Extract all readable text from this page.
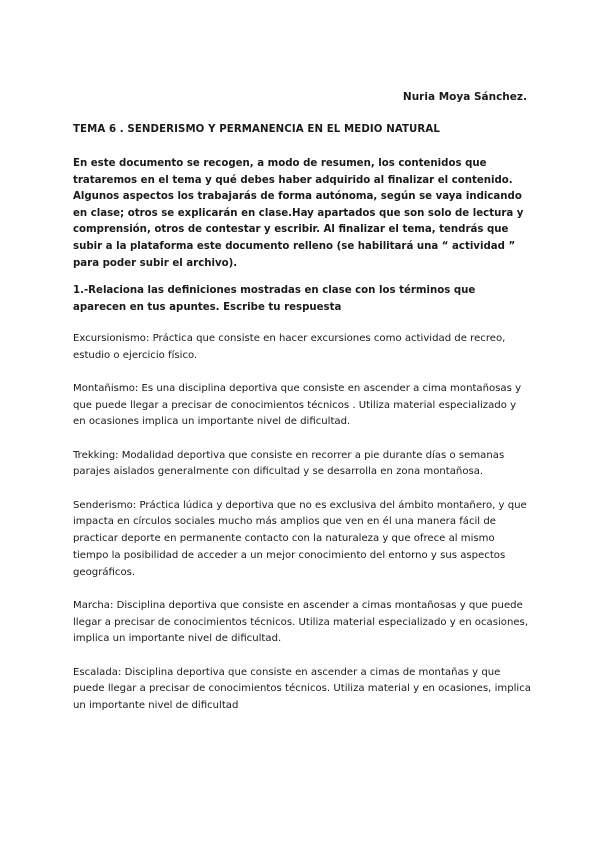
Nuria Moya Sánchez.
TEMA 6 . SENDERISMO Y PERMANENCIA EN EL MEDIO NATURAL
En este documento se recogen, a modo de resumen, los contenidos que trataremos en el tema y qué debes haber adquirido al finalizar el contenido. Algunos aspectos los trabajarás de forma autónoma, según se vaya indicando en clase; otros se explicarán en clase.Hay apartados que son solo de lectura y comprensión, otros de contestar y escribir. Al finalizar el tema, tendrás que subir a la plataforma este documento relleno (se habilitará una “ actividad ” para poder subir el archivo).
1.-Relaciona las definiciones mostradas en clase con los términos que aparecen en tus apuntes. Escribe tu respuesta

Excursionismo: Práctica que consiste en hacer excursiones como actividad de recreo, estudio o ejercicio físico.

Montañismo: Es una disciplina deportiva que consiste en ascender a cima montañosas y que puede llegar a precisar de conocimientos técnicos . Utiliza material especializado y en ocasiones implica un importante nivel de dificultad.

Trekking: Modalidad deportiva que consiste en recorrer a pie durante días o semanas parajes aislados generalmente con dificultad y se desarrolla en zona montañosa.

Senderismo: Práctica lúdica y deportiva que no es exclusiva del ámbito montañero, y que impacta en círculos sociales mucho más amplios que ven en él una manera fácil de practicar deporte en permanente contacto con la naturaleza y que ofrece al mismo tiempo la posibilidad de acceder a un mejor conocimiento del entorno y sus aspectos geográficos.

Marcha: Disciplina deportiva que consiste en ascender a cimas montañosas y que puede llegar a precisar de conocimientos técnicos. Utiliza material especializado y en ocasiones, implica un importante nivel de dificultad.

Escalada: Disciplina deportiva que consiste en ascender a cimas de montañas y que puede llegar a precisar de conocimientos técnicos. Utiliza material y en ocasiones, implica un importante nivel de dificultad
